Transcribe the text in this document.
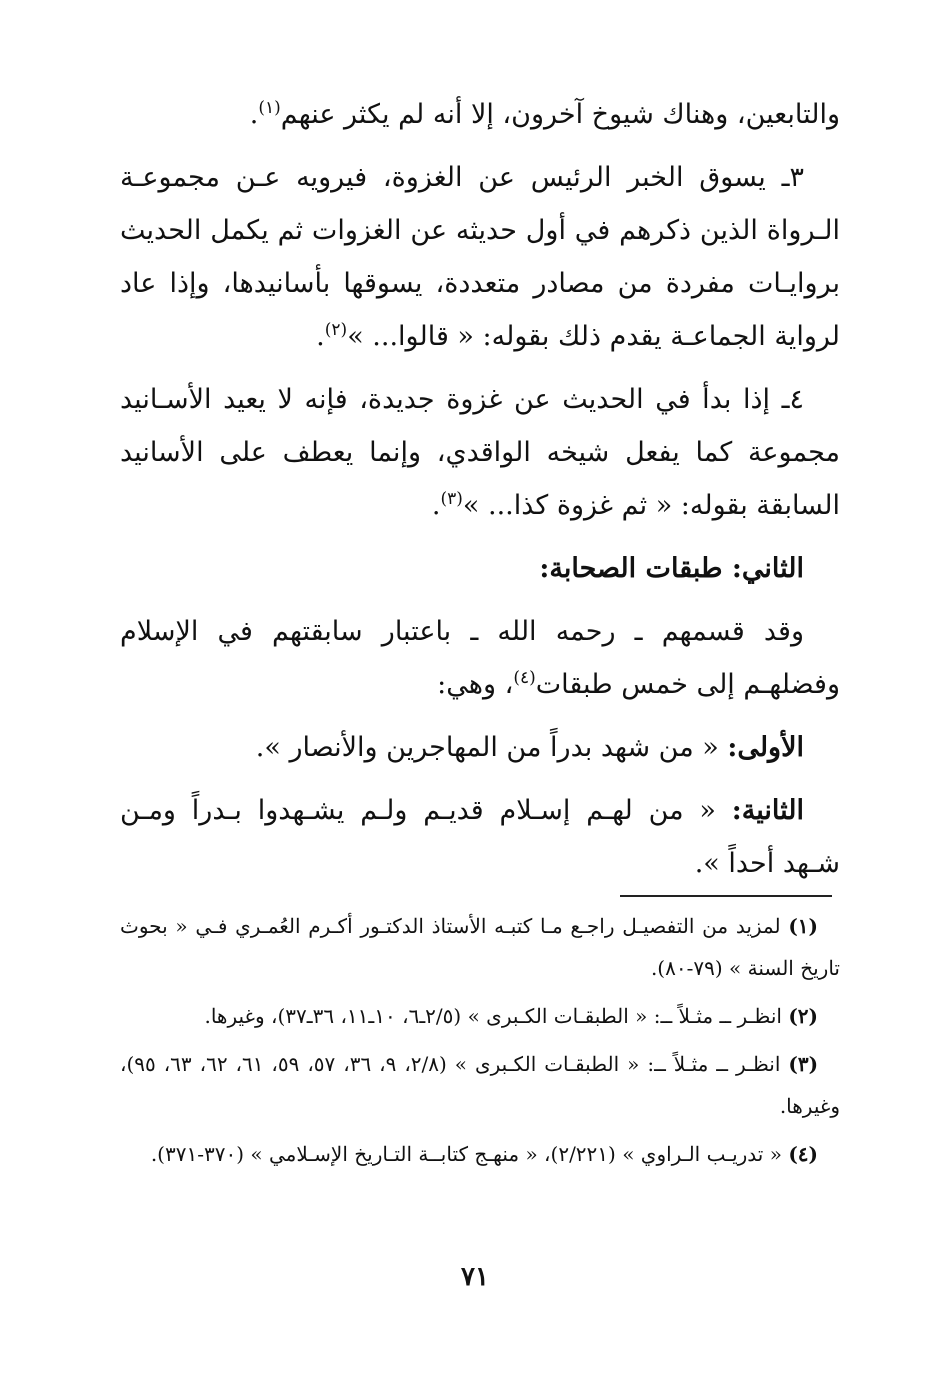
والتابعين، وهناك شيوخ آخرون، إلا أنه لم يكثر عنهم$^{(١)}$.

٣ـ يسوق الخبر الرئيس عن الغزوة، فيرويه عـن مجموعـة الـرواة الذين ذكرهم في أول حديثه عن الغزوات ثم يكمل الحديث بروايـات مفردة من مصادر متعددة، يسوقها بأسانيدها، وإذا عاد لرواية الجماعـة يقدم ذلك بقوله: « قالوا... »$^{(٢)}$.

٤ـ إذا بدأ في الحديث عن غزوة جديدة، فإنه لا يعيد الأسـانيد مجموعة كما يفعل شيخه الواقدي، وإنما يعطف على الأسانيد السابقة بقوله: « ثم غزوة كذا... »$^{(٣)}$.

الثاني: طبقات الصحابة:

وقد قسمهم ـ رحمه الله ـ باعتبار سابقتهم في الإسلام وفضلهـم إلى خمس طبقات$^{(٤)}$، وهي:

الأولى: « من شهد بدراً من المهاجرين والأنصار ».

الثانية: « من لهـم إسـلام قديـم ولـم يشـهدوا بـدراً ومـن شـهد أحداً ».

(١) لمزيد من التفصيـل راجـع مـا كتبـه الأستاذ الدكتـور أكـرم العُمـري فـي « بحوث تاريخ السنة » (٧٩-٨٠).

(٢) انظـر ــ مثـلاً ــ: « الطبقـات الكـبرى » (٢/٥ـ٦، ١٠ـ١١، ٣٦ـ٣٧)، وغيرها.

(٣) انظـر ــ مثـلاً ــ: « الطبقـات الكـبرى » (٢/٨، ٩، ٣٦، ٥٧، ٥٩، ٦١، ٦٢، ٦٣، ٩٥)، وغيرها.

(٤) « تدريـب الـراوي » (٢/٢٢١)، « منهـج كتابــة التـاريخ الإسـلامي » (٣٧٠-٣٧١).

٧١
